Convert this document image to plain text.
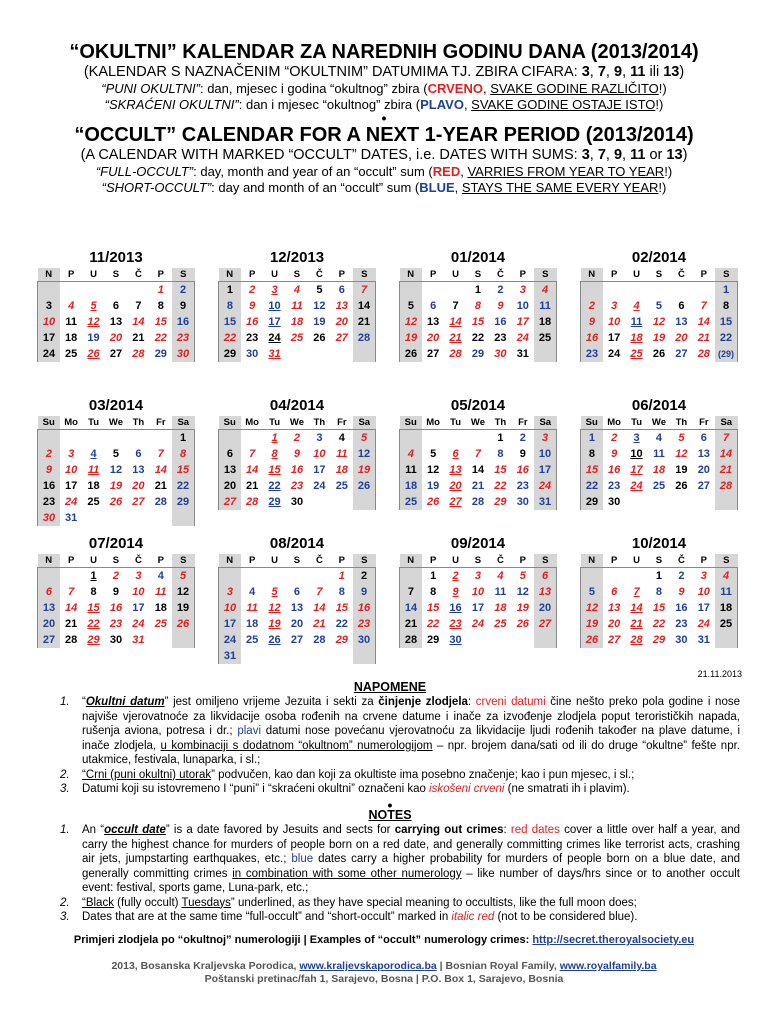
“OKULTNI” KALENDAR ZA NAREDNIH GODINU DANA (2013/2014)
(KALENDAR S NAZNAČENIM “OKULTNIM” DATUMIMA TJ. ZBIRA CIFARA: 3, 7, 9, 11 ili 13)
“PUNI OKULTNI”: dan, mjesec i godina “okultnog” zbira (CRVENO, SVAKE GODINE RAZLIČITO!)
“SKRAĆENI OKULTNI”: dan i mjesec “okultnog” zbira (PLAVO, SVAKE GODINE OSTAJE ISTO!)
•
“OCCULT” CALENDAR FOR A NEXT 1-YEAR PERIOD (2013/2014)
(A CALENDAR WITH MARKED “OCCULT” DATES, i.e. DATES WITH SUMS: 3, 7, 9, 11 or 13)
“FULL-OCCULT”: day, month and year of an “occult” sum (RED, VARRIES FROM YEAR TO YEAR!)
“SHORT-OCCULT”: day and month of an “occult” sum (BLUE, STAYS THE SAME EVERY YEAR!)
11/2013
N	P	U	S	Č	P	S
					1	2
3	4	5	6	7	8	9
10	11	12	13	14	15	16
17	18	19	20	21	22	23
24	25	26	27	28	29	30
12/2013
N	P	U	S	Č	P	S
1	2	3	4	5	6	7
8	9	10	11	12	13	14
15	16	17	18	19	20	21
22	23	24	25	26	27	28
29	30	31				
01/2014
N	P	U	S	Č	P	S
			1	2	3	4
5	6	7	8	9	10	11
12	13	14	15	16	17	18
19	20	21	22	23	24	25
26	27	28	29	30	31	
02/2014
N	P	U	S	Č	P	S
						1
2	3	4	5	6	7	8
9	10	11	12	13	14	15
16	17	18	19	20	21	22
23	24	25	26	27	28	(29)
03/2014
Su	Mo	Tu	We	Th	Fr	Sa
						1
2	3	4	5	6	7	8
9	10	11	12	13	14	15
16	17	18	19	20	21	22
23	24	25	26	27	28	29
30	31					
04/2014
Su	Mo	Tu	We	Th	Fr	Sa
		1	2	3	4	5
6	7	8	9	10	11	12
13	14	15	16	17	18	19
20	21	22	23	24	25	26
27	28	29	30			
05/2014
Su	Mo	Tu	We	Th	Fr	Sa
				1	2	3
4	5	6	7	8	9	10
11	12	13	14	15	16	17
18	19	20	21	22	23	24
25	26	27	28	29	30	31
06/2014
Su	Mo	Tu	We	Th	Fr	Sa
1	2	3	4	5	6	7
8	9	10	11	12	13	14
15	16	17	18	19	20	21
22	23	24	25	26	27	28
29	30					
07/2014
N	P	U	S	Č	P	S
		1	2	3	4	5
6	7	8	9	10	11	12
13	14	15	16	17	18	19
20	21	22	23	24	25	26
27	28	29	30	31		
08/2014
N	P	U	S	Č	P	S
					1	2
3	4	5	6	7	8	9
10	11	12	13	14	15	16
17	18	19	20	21	22	23
24	25	26	27	28	29	30
31						
09/2014
N	P	U	S	Č	P	S
	1	2	3	4	5	6
7	8	9	10	11	12	13
14	15	16	17	18	19	20
21	22	23	24	25	26	27
28	29	30				
10/2014
N	P	U	S	Č	P	S
			1	2	3	4
5	6	7	8	9	10	11
12	13	14	15	16	17	18
19	20	21	22	23	24	25
26	27	28	29	30	31	
21.11.2013
NAPOMENE
1.	“Okultni datum” jest omiljeno vrijeme Jezuita i sekti za činjenje zlodjela: crveni datumi čine nešto preko pola godine i nose najviše vjerovatnoće za likvidacije osoba rođenih na crvene datume i inače za izvođenje zlodjela poput terorističkih napada, rušenja aviona, potresa i dr.; plavi datumi nose povećanu vjerovatnoću za likvidacije ljudi rođenih također na plave datume, i inače zlodjela, u kombinaciji s dodatnom “okultnom” numerologijom – npr. brojem dana/sati od ili do druge “okultne” fešte npr. utakmice, festivala, lunaparka, i sl.;
2.	“Crni (puni okultni) utorak” podvučen, kao dan koji za okultiste ima posebno značenje; kao i pun mjesec, i sl.;
3.	Datumi koji su istovremeno I “puni” i “skraćeni okultni” označeni kao iskošeni crveni (ne smatrati ih i plavim).
•
NOTES
1.	An “occult date” is a date favored by Jesuits and sects for carrying out crimes: red dates cover a little over half a year, and carry the highest chance for murders of people born on a red date, and generally committing crimes like terrorist acts, crashing air jets, jumpstarting earthquakes, etc.; blue dates carry a higher probability for murders of people born on a blue date, and generally committing crimes in combination with some other numerology – like number of days/hrs since or to another occult event: festival, sports game, Luna-park, etc.;
2.	“Black (fully occult) Tuesdays” underlined, as they have special meaning to occultists, like the full moon does;
3.	Dates that are at the same time “full-occult” and “short-occult” marked in italic red (not to be considered blue).
Primjeri zlodjela po “okultnoj” numerologiji | Examples of “occult” numerology crimes: http://secret.theroyalsociety.eu
2013, Bosanska Kraljevska Porodica, www.kraljevskaporodica.ba | Bosnian Royal Family, www.royalfamily.ba
Poštanski pretinac/fah 1, Sarajevo, Bosna | P.O. Box 1, Sarajevo, Bosnia
